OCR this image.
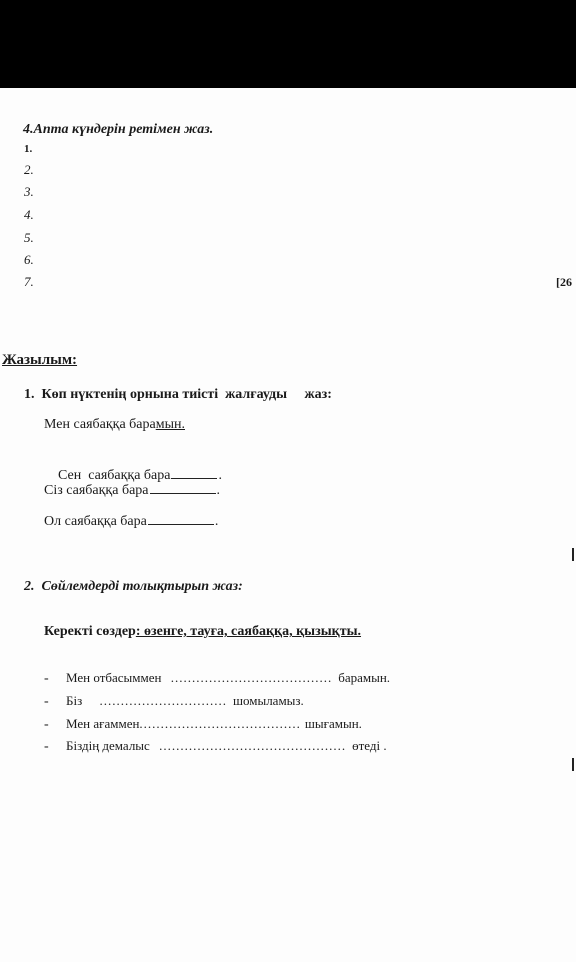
4.Апта күндерін ретімен жаз.
1.
2.
3.
4.
5.
6.
7.	[26
Жазылым:
1.  Көп нүктенің орнына тиісті  жалғауды     жаз:
Мен саябаққа барамын.

Сен  саябаққа бара	.

Сіз саябаққа бара	.
Ол саябаққа бара	.
2.  Сөйлемдерді толықтырып жаз:
Керекті сөздер: өзенге, тауға, саябаққа, қызықты.
- Мен отбасыммен ...................................... барамын.
- Біз .............................. шомыламыз.
- Мен ағаммен...................................... шығамын.
- Біздің демалыс ............................................ өтеді .
